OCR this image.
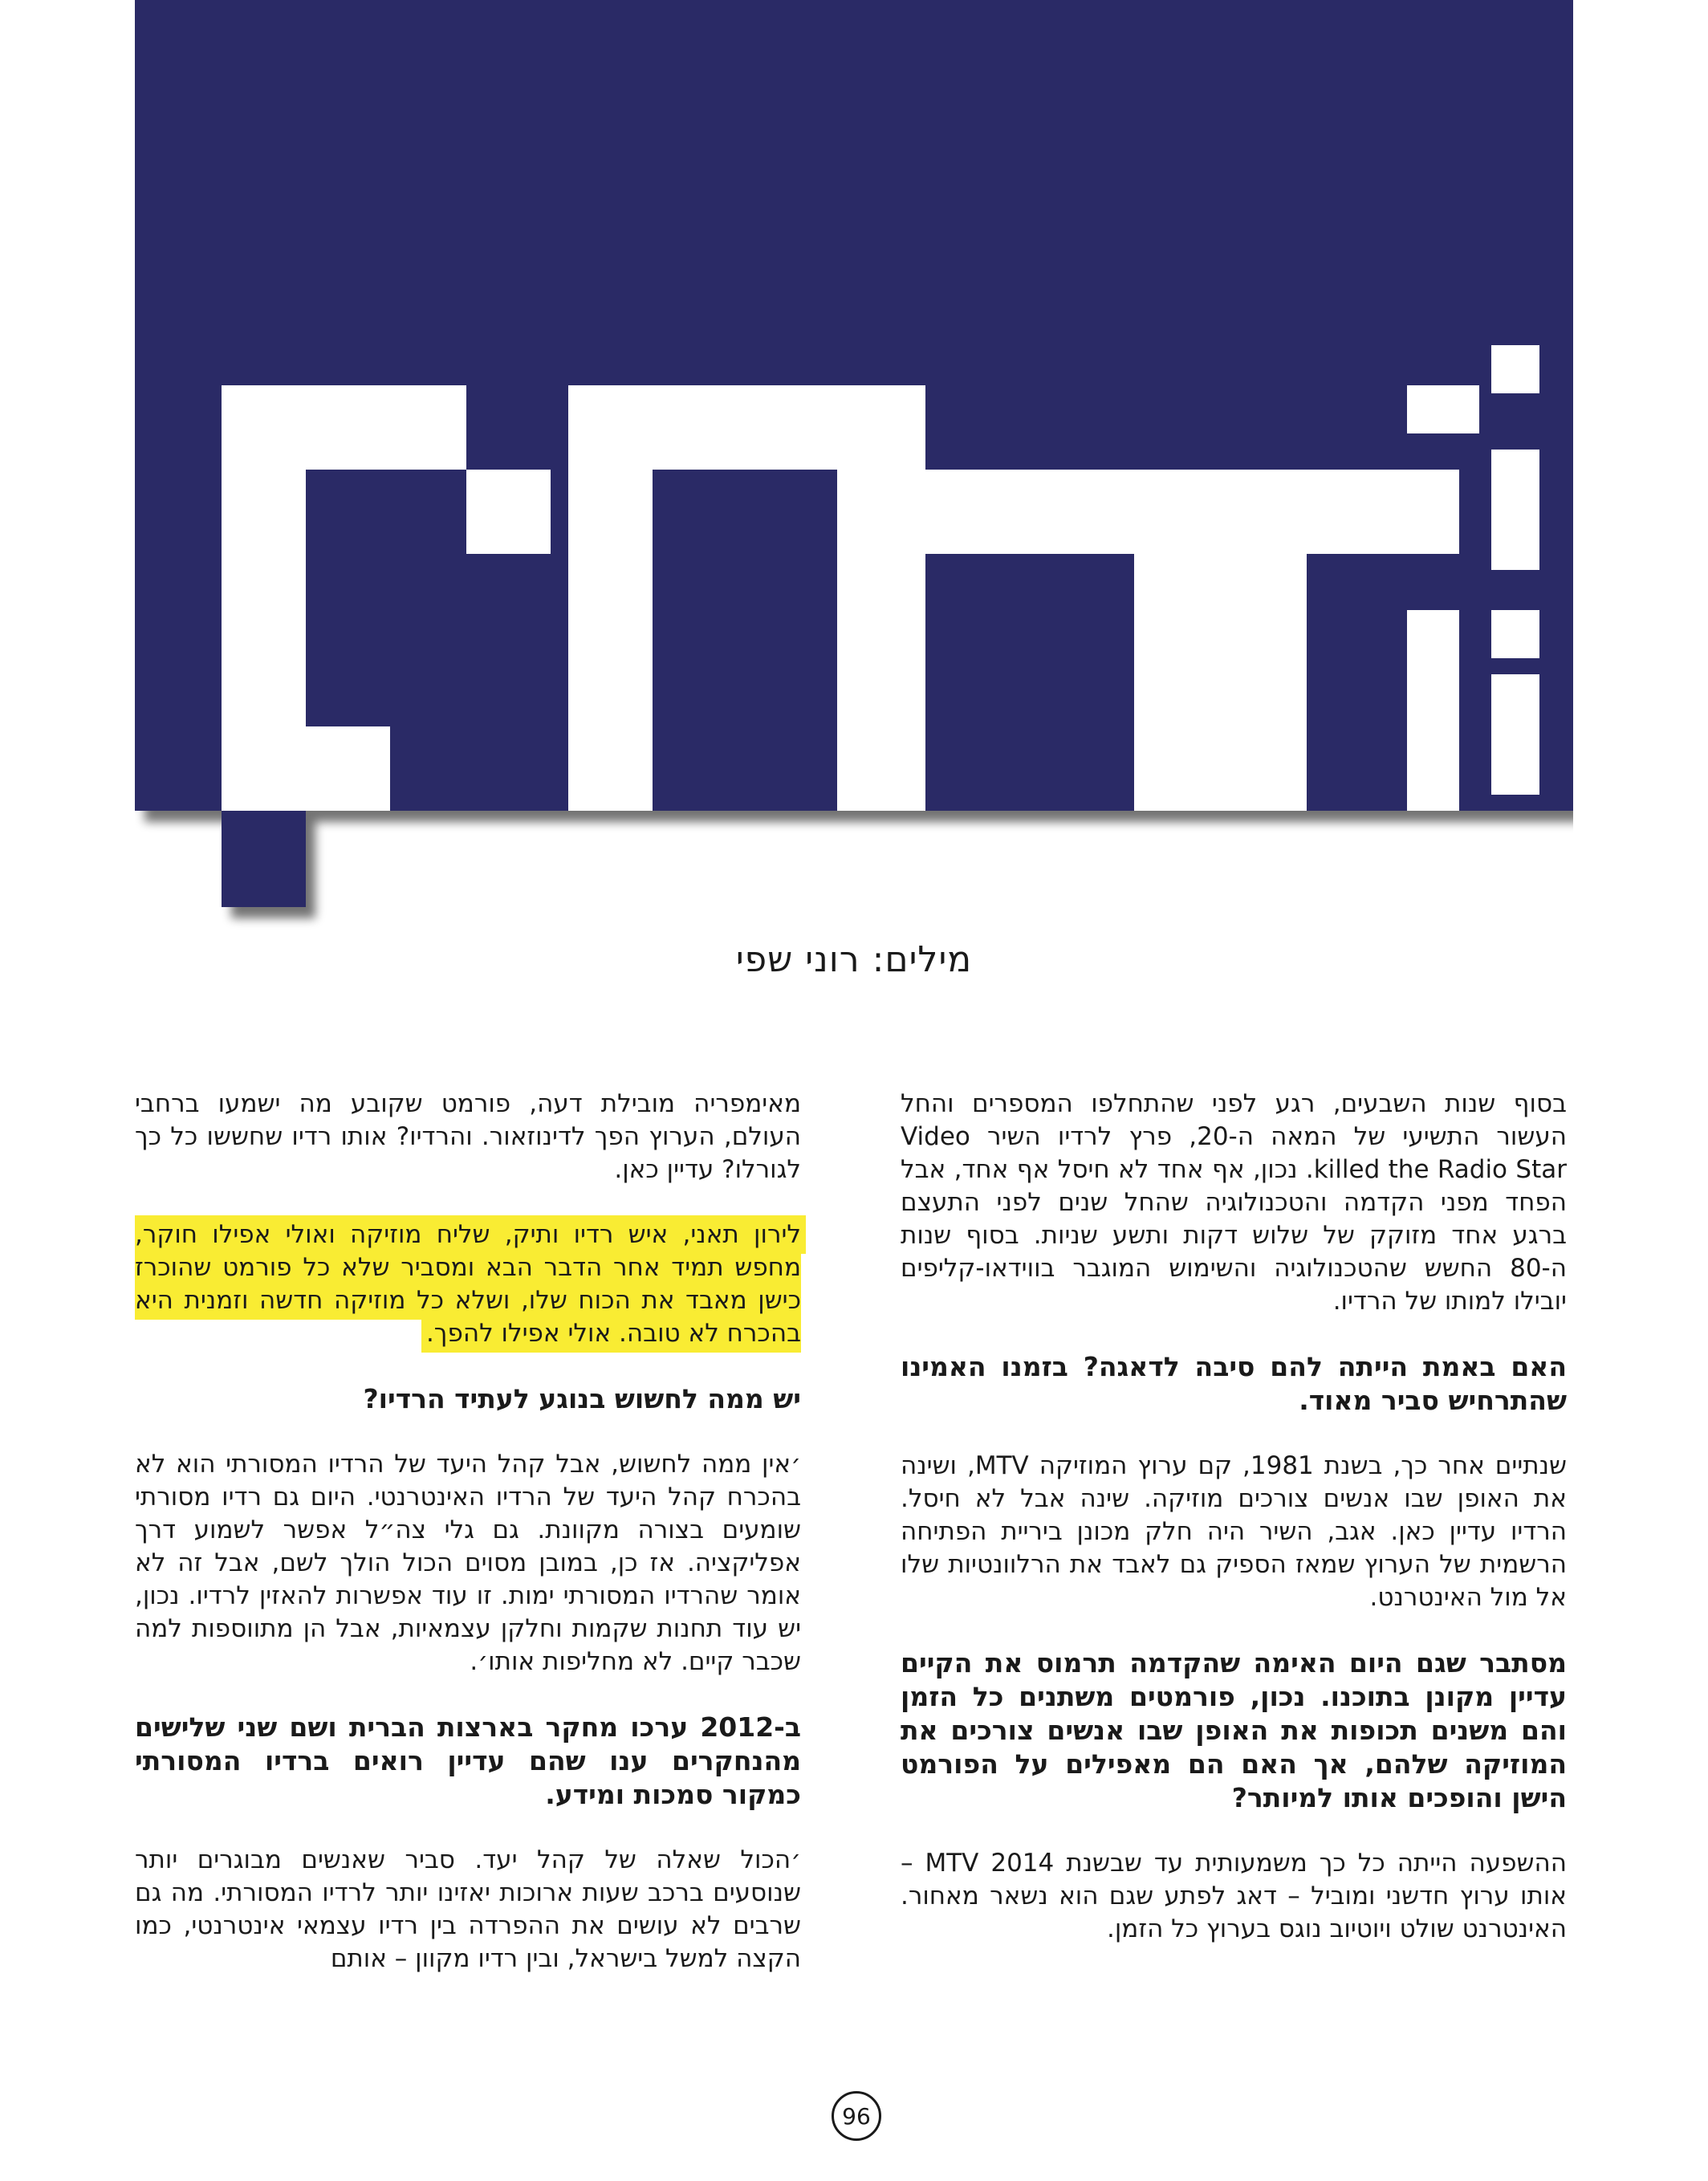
מילים: רוני שפי

בסוף שנות השבעים, רגע לפני שהתחלפו המספרים והחל העשור התשיעי של המאה ה-20, פרץ לרדיו השיר Video killed the Radio Star. נכון, אף אחד לא חיסל אף אחד, אבל הפחד מפני הקדמה והטכנולוגיה שהחל שנים לפני התעצם ברגע אחד מזוקק של שלוש דקות ותשע שניות. בסוף שנות ה-80 החשש שהטכנולוגיה והשימוש המוגבר בווידאו-קליפים יובילו למותו של הרדיו.

האם באמת הייתה להם סיבה לדאגה? בזמנו האמינו שהתרחיש סביר מאוד.

שנתיים אחר כך, בשנת 1981, קם ערוץ המוזיקה MTV, ושינה את האופן שבו אנשים צורכים מוזיקה. שינה אבל לא חיסל. הרדיו עדיין כאן. אגב, השיר היה חלק מכונן ביריית הפתיחה הרשמית של הערוץ שמאז הספיק גם לאבד את הרלוונטיות שלו אל מול האינטרנט.

מסתבר שגם היום האימה שהקדמה תרמוס את הקיים עדיין מקונן בתוכנו. נכון, פורמטים משתנים כל הזמן והם משנים תכופות את האופן שבו אנשים צורכים את המוזיקה שלהם, אך האם הם מאפילים על הפורמט הישן והופכים אותו למיותר?

ההשפעה הייתה כל כך משמעותית עד שבשנת 2014 MTV – אותו ערוץ חדשני ומוביל – דאג לפתע שגם הוא נשאר מאחור. האינטרנט שולט ויוטיוב נוגס בערוץ כל הזמן.

מאימפריה מובילת דעה, פורמט שקובע מה ישמעו ברחבי העולם, הערוץ הפך לדינוזאור. והרדיו? אותו רדיו שחששו כל כך לגורלו? עדיין כאן.

לירון תאני, איש רדיו ותיק, שליח מוזיקה ואולי אפילו חוקר, מחפש תמיד אחר הדבר הבא ומסביר שלא כל פורמט שהוכרז כישן מאבד את הכוח שלו, ושלא כל מוזיקה חדשה וזמנית היא בהכרח לא טובה. אולי אפילו להפך.

יש ממה לחשוש בנוגע לעתיד הרדיו?

׳אין ממה לחשוש, אבל קהל היעד של הרדיו המסורתי הוא לא בהכרח קהל היעד של הרדיו האינטרנטי. היום גם רדיו מסורתי שומעים בצורה מקוונת. גם גלי צה״ל אפשר לשמוע דרך אפליקציה. אז כן, במובן מסוים הכול הולך לשם, אבל זה לא אומר שהרדיו המסורתי ימות. זו עוד אפשרות להאזין לרדיו. נכון, יש עוד תחנות שקמות וחלקן עצמאיות, אבל הן מתווספות למה שכבר קיים. לא מחליפות אותו׳.

ב-2012 ערכו מחקר בארצות הברית ושם שני שלישים מהנחקרים ענו שהם עדיין רואים ברדיו המסורתי כמקור סמכות ומידע.

׳הכול שאלה של קהל יעד. סביר שאנשים מבוגרים יותר שנוסעים ברכב שעות ארוכות יאזינו יותר לרדיו המסורתי. מה גם שרבים לא עושים את ההפרדה בין רדיו עצמאי אינטרנטי, כמו הקצה למשל בישראל, ובין רדיו מקוון – אותם

96
